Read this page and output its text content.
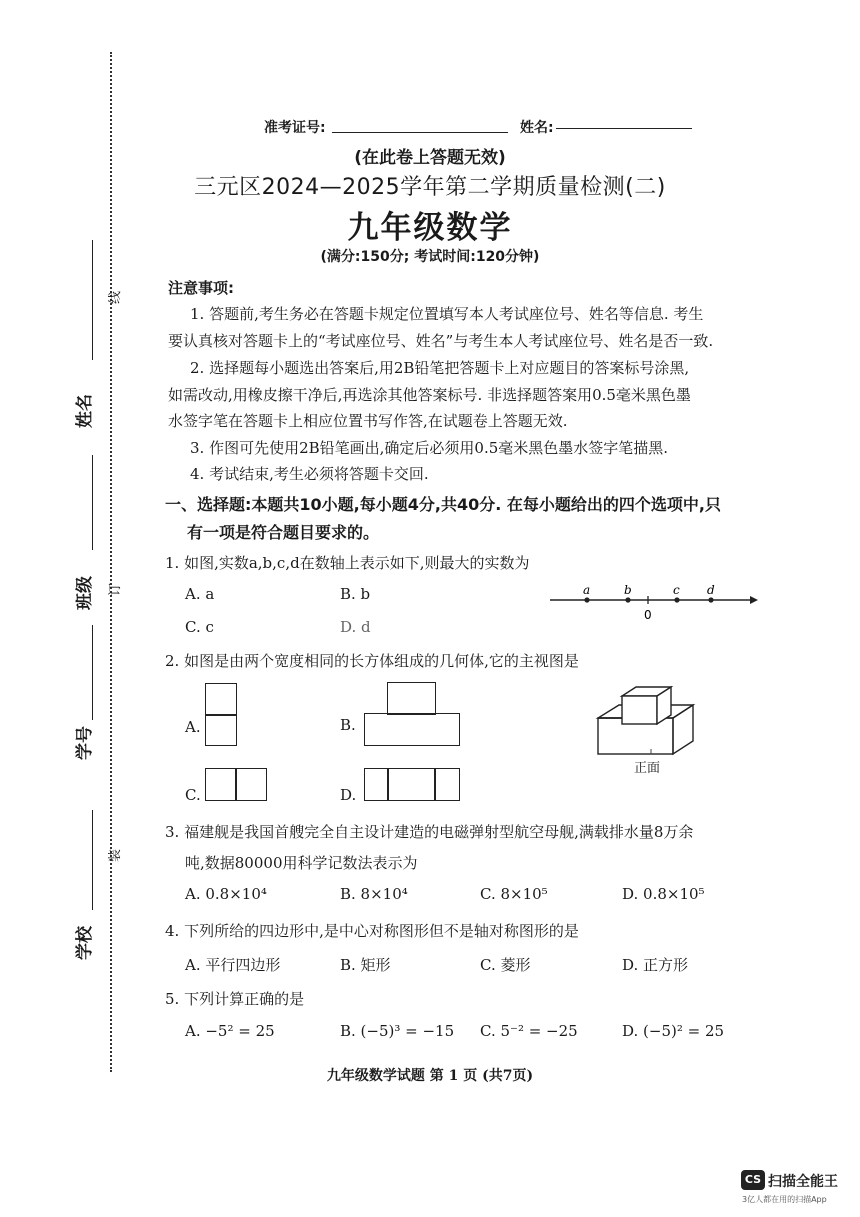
学校
学号
班级
姓名
装
订
线
准考证号:	姓名:
(在此卷上答题无效)
三元区2024—2025学年第二学期质量检测(二)
九年级数学
(满分:150分; 考试时间:120分钟)
注意事项:
1. 答题前,考生务必在答题卡规定位置填写本人考试座位号、姓名等信息. 考生
要认真核对答题卡上的“考试座位号、姓名”与考生本人考试座位号、姓名是否一致.
2. 选择题每小题选出答案后,用2B铅笔把答题卡上对应题目的答案标号涂黑,
如需改动,用橡皮擦干净后,再选涂其他答案标号. 非选择题答案用0.5毫米黑色墨
水签字笔在答题卡上相应位置书写作答,在试题卷上答题无效.
3. 作图可先使用2B铅笔画出,确定后必须用0.5毫米黑色墨水签字笔描黑.
4. 考试结束,考生必须将答题卡交回.
一、选择题:本题共10小题,每小题4分,共40分. 在每小题给出的四个选项中,只
有一项是符合题目要求的。
1. 如图,实数a,b,c,d在数轴上表示如下,则最大的实数为
A. a	B. b
C. c	D. d
a	b	c d
0
2. 如图是由两个宽度相同的长方体组成的几何体,它的主视图是
A.	B.
正面
C.	D.
3. 福建舰是我国首艘完全自主设计建造的电磁弹射型航空母舰,满载排水量8万余
吨,数据80000用科学记数法表示为
A. 0.8×10⁴	B. 8×10⁴	C. 8×10⁵	D. 0.8×10⁵
4. 下列所给的四边形中,是中心对称图形但不是轴对称图形的是
A. 平行四边形	B. 矩形	C. 菱形	D. 正方形
5. 下列计算正确的是
A. −5² = 25	B. (−5)³ = −15 C. 5⁻² = −25	D. (−5)² = 25
九年级数学试题 第 1 页 (共7页)
CS 扫描全能王
3亿人都在用的扫描App
